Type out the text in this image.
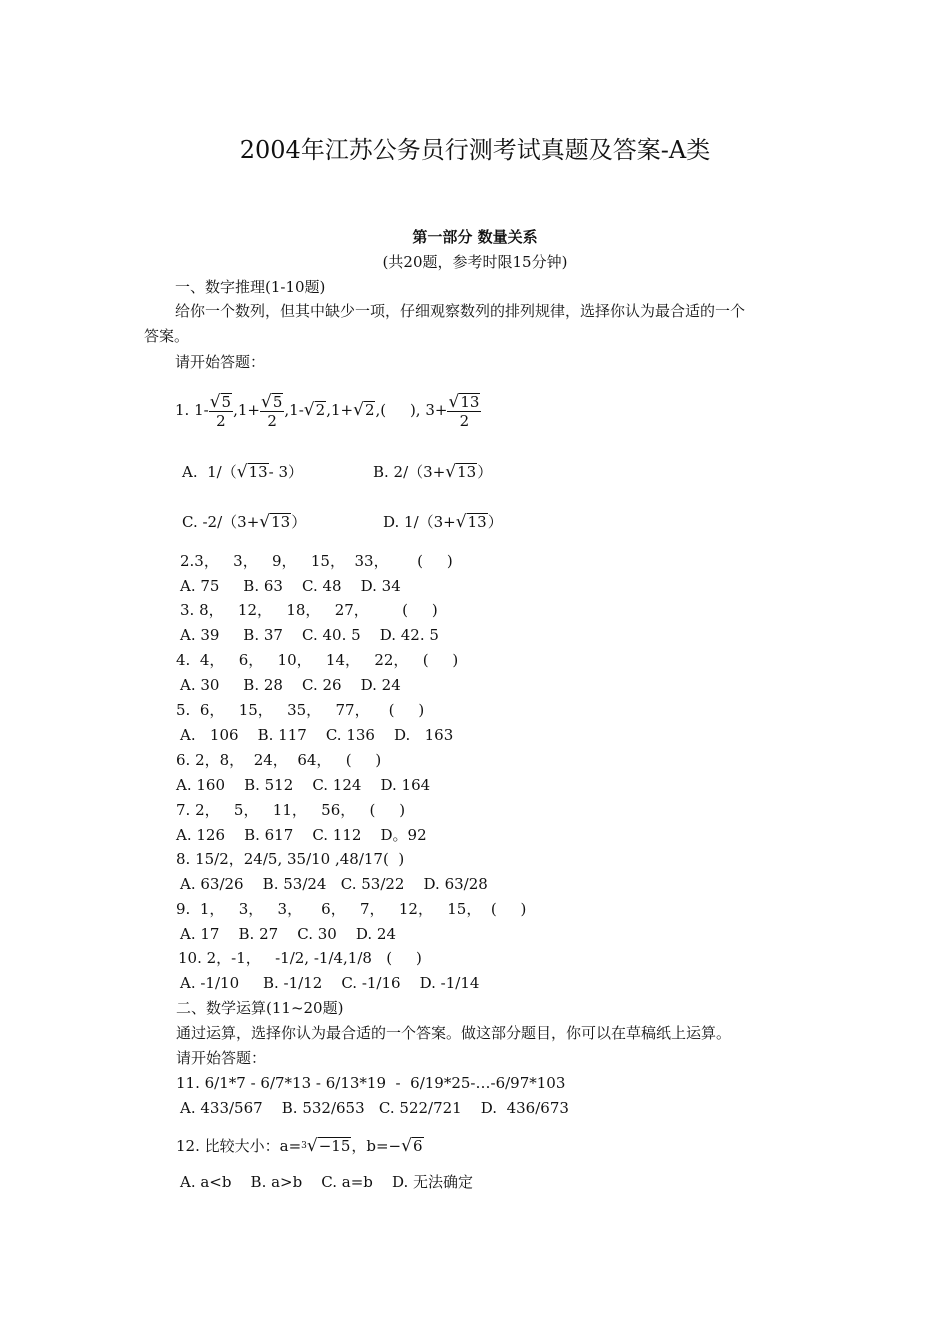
2004年江苏公务员行测考试真题及答案-A类
第一部分 数量关系
(共20题，参考时限15分钟)
一、数字推理(1-10题)
给你一个数列，但其中缺少一项，仔细观察数列的排列规律，选择你认为最合适的一个
答案。
请开始答题：
1. $1- \frac{√5}{2} ,1+ \frac{√5}{2} ,1-√2,1+√2$,(     ), $3+ \frac{√13}{2}$
A.  1/（√13- 3）	B. 2/（3+√13）
C. -2/（3+√13）	D. 1/（3+√13）
2.3，   3，   9，   15，  33，      (     )
A. 75     B. 63    C. 48    D. 34
3. 8，   12，   18，   27，       (     )
A. 39     B. 37    C. 40. 5    D. 42. 5
4.  4，   6，   10，   14，   22，   (     )
A. 30     B. 28    C. 26    D. 24
5.  6，   15，   35，   77，    (     )
A.   106    B. 117    C. 136    D.   163
6. 2，8，  24，  64，   (     )
A. 160    B. 512    C. 124    D. 164
7. 2，   5，   11，   56，   (     )
A. 126    B. 617    C. 112    D。92
8. 15/2，24/5, 35/10 ,48/17(  )
A. 63/26    B. 53/24   C. 53/22    D. 63/28
9.  1，   3，   3，    6，   7，   12，   15，  (     )
A. 17    B. 27    C. 30    D. 24
10. 2，-1，   -1/2, -1/4,1/8   (     )
A. -1/10     B. -1/12    C. -1/16    D. -1/14
二、数学运算(11~20题)
通过运算，选择你认为最合适的一个答案。做这部分题目，你可以在草稿纸上运算。
请开始答题：
11. 6/1*7 - 6/7*13 - 6/13*19  -  6/19*25-…-6/97*103
A. 433/567    B. 532/653   C. 522/721    D.  436/673
12. 比较大小：a=$^3$√−15，b=−√6
A. a<b    B. a>b    C. a=b    D. 无法确定
